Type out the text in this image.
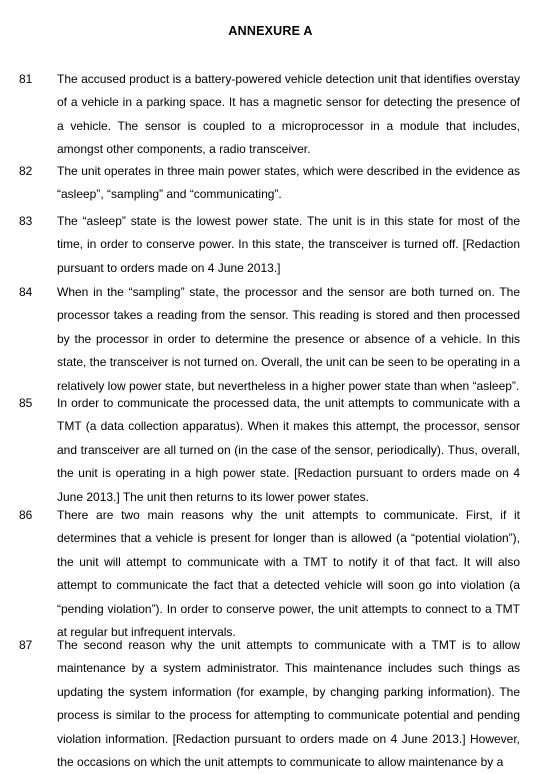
ANNEXURE A
81 The accused product is a battery-powered vehicle detection unit that identifies overstay of a vehicle in a parking space. It has a magnetic sensor for detecting the presence of a vehicle. The sensor is coupled to a microprocessor in a module that includes, amongst other components, a radio transceiver.
82 The unit operates in three main power states, which were described in the evidence as “asleep”, “sampling” and “communicating”.
83 The “asleep” state is the lowest power state. The unit is in this state for most of the time, in order to conserve power. In this state, the transceiver is turned off. [Redaction pursuant to orders made on 4 June 2013.]
84 When in the “sampling” state, the processor and the sensor are both turned on. The processor takes a reading from the sensor. This reading is stored and then processed by the processor in order to determine the presence or absence of a vehicle. In this state, the transceiver is not turned on. Overall, the unit can be seen to be operating in a relatively low power state, but nevertheless in a higher power state than when “asleep”.
85 In order to communicate the processed data, the unit attempts to communicate with a TMT (a data collection apparatus). When it makes this attempt, the processor, sensor and transceiver are all turned on (in the case of the sensor, periodically). Thus, overall, the unit is operating in a high power state. [Redaction pursuant to orders made on 4 June 2013.] The unit then returns to its lower power states.
86 There are two main reasons why the unit attempts to communicate. First, if it determines that a vehicle is present for longer than is allowed (a “potential violation”), the unit will attempt to communicate with a TMT to notify it of that fact. It will also attempt to communicate the fact that a detected vehicle will soon go into violation (a “pending violation”). In order to conserve power, the unit attempts to connect to a TMT at regular but infrequent intervals.
87 The second reason why the unit attempts to communicate with a TMT is to allow maintenance by a system administrator. This maintenance includes such things as updating the system information (for example, by changing parking information). The process is similar to the process for attempting to communicate potential and pending violation information. [Redaction pursuant to orders made on 4 June 2013.] However, the occasions on which the unit attempts to communicate to allow maintenance by a
